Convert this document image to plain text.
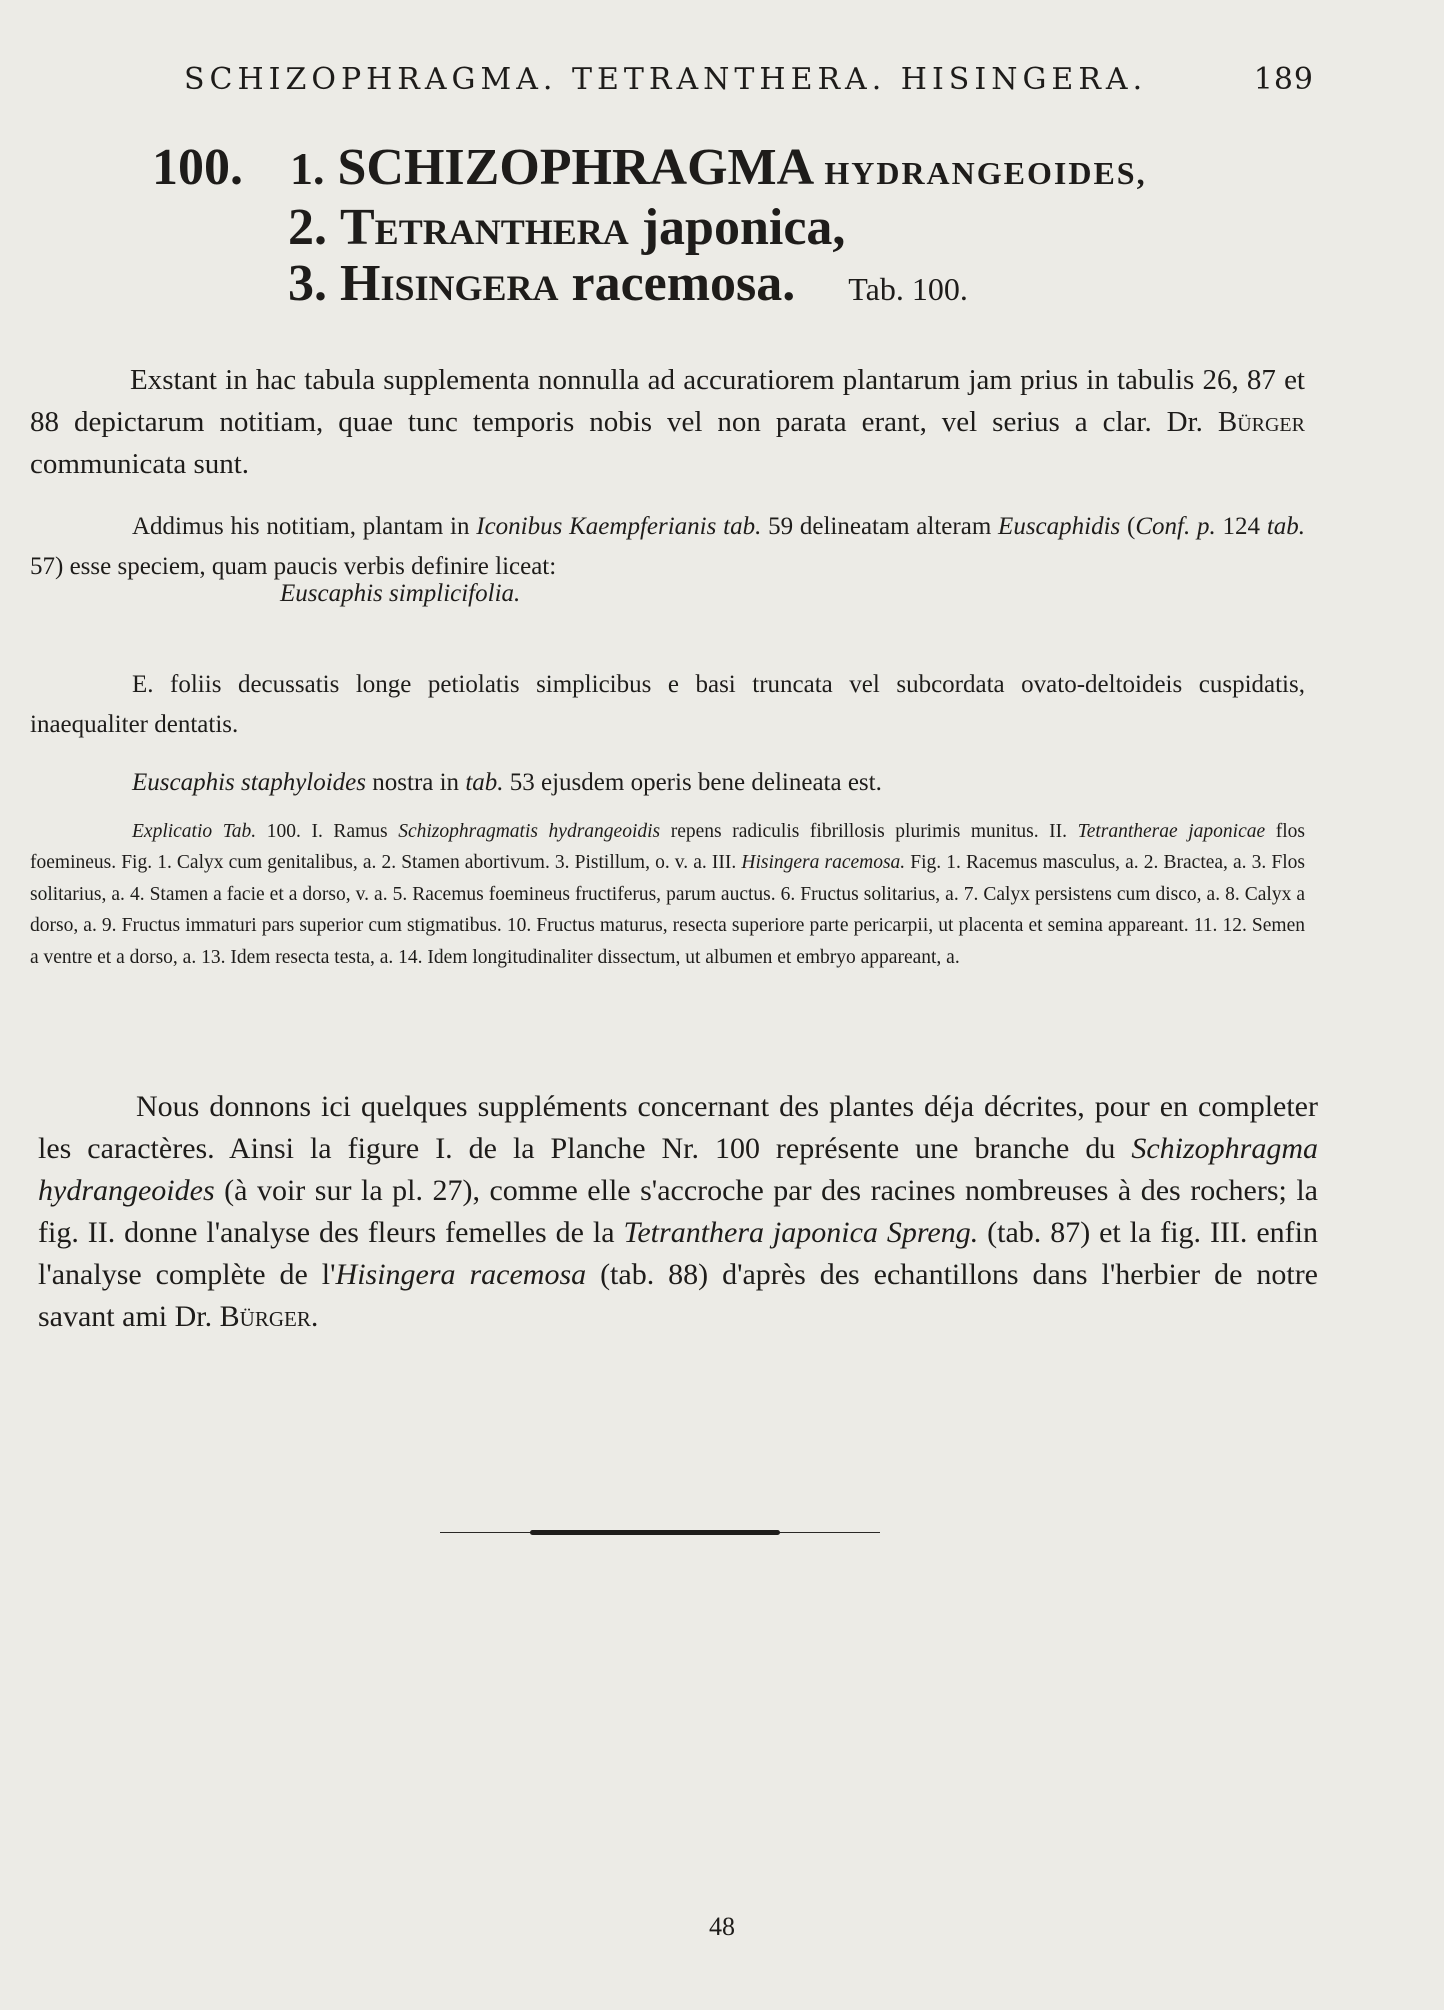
SCHIZOPHRAGMA. TETRANTHERA. HISINGERA.	189
100. 1. SCHIZOPHRAGMA HYDRANGEOIDES,
2. Tetranthera japonica,
3. Hisingera racemosa. Tab. 100.

Exstant in hac tabula supplementa nonnulla ad accuratiorem plantarum jam prius in tabulis 26, 87 et 88 depictarum notitiam, quae tunc temporis nobis vel non parata erant, vel serius a clar. Dr. Bürger communicata sunt.

Addimus his notitiam, plantam in Iconibus Kaempferianis tab. 59 delineatam alteram Euscaphidis (Conf. p. 124 tab. 57) esse speciem, quam paucis verbis definire liceat:

Euscaphis simplicifolia.

E. foliis decussatis longe petiolatis simplicibus e basi truncata vel subcordata ovato-deltoideis cuspidatis, inaequaliter dentatis.

Euscaphis staphyloides nostra in tab. 53 ejusdem operis bene delineata est.

Explicatio Tab. 100. I. Ramus Schizophragmatis hydrangeoidis repens radiculis fibrillosis plurimis munitus. II. Tetrantherae japonicae flos foemineus. Fig. 1. Calyx cum genitalibus, a. 2. Stamen abortivum. 3. Pistillum, o. v. a. III. Hisingera racemosa. Fig. 1. Racemus masculus, a. 2. Bractea, a. 3. Flos solitarius, a. 4. Stamen a facie et a dorso, v. a. 5. Racemus foemineus fructiferus, parum auctus. 6. Fructus solitarius, a. 7. Calyx persistens cum disco, a. 8. Calyx a dorso, a. 9. Fructus immaturi pars superior cum stigmatibus. 10. Fructus maturus, resecta superiore parte pericarpii, ut placenta et semina appareant. 11. 12. Semen a ventre et a dorso, a. 13. Idem resecta testa, a. 14. Idem longitudinaliter dissectum, ut albumen et embryo appareant, a.

Nous donnons ici quelques suppléments concernant des plantes déja décrites, pour en completer les caractères. Ainsi la figure I. de la Planche Nr. 100 représente une branche du Schizophragma hydrangeoides (à voir sur la pl. 27), comme elle s'accroche par des racines nombreuses à des rochers; la fig. II. donne l'analyse des fleurs femelles de la Tetranthera japonica Spreng. (tab. 87) et la fig. III. enfin l'analyse complète de l'Hisingera racemosa (tab. 88) d'après des echantillons dans l'herbier de notre savant ami Dr. Bürger.

48
